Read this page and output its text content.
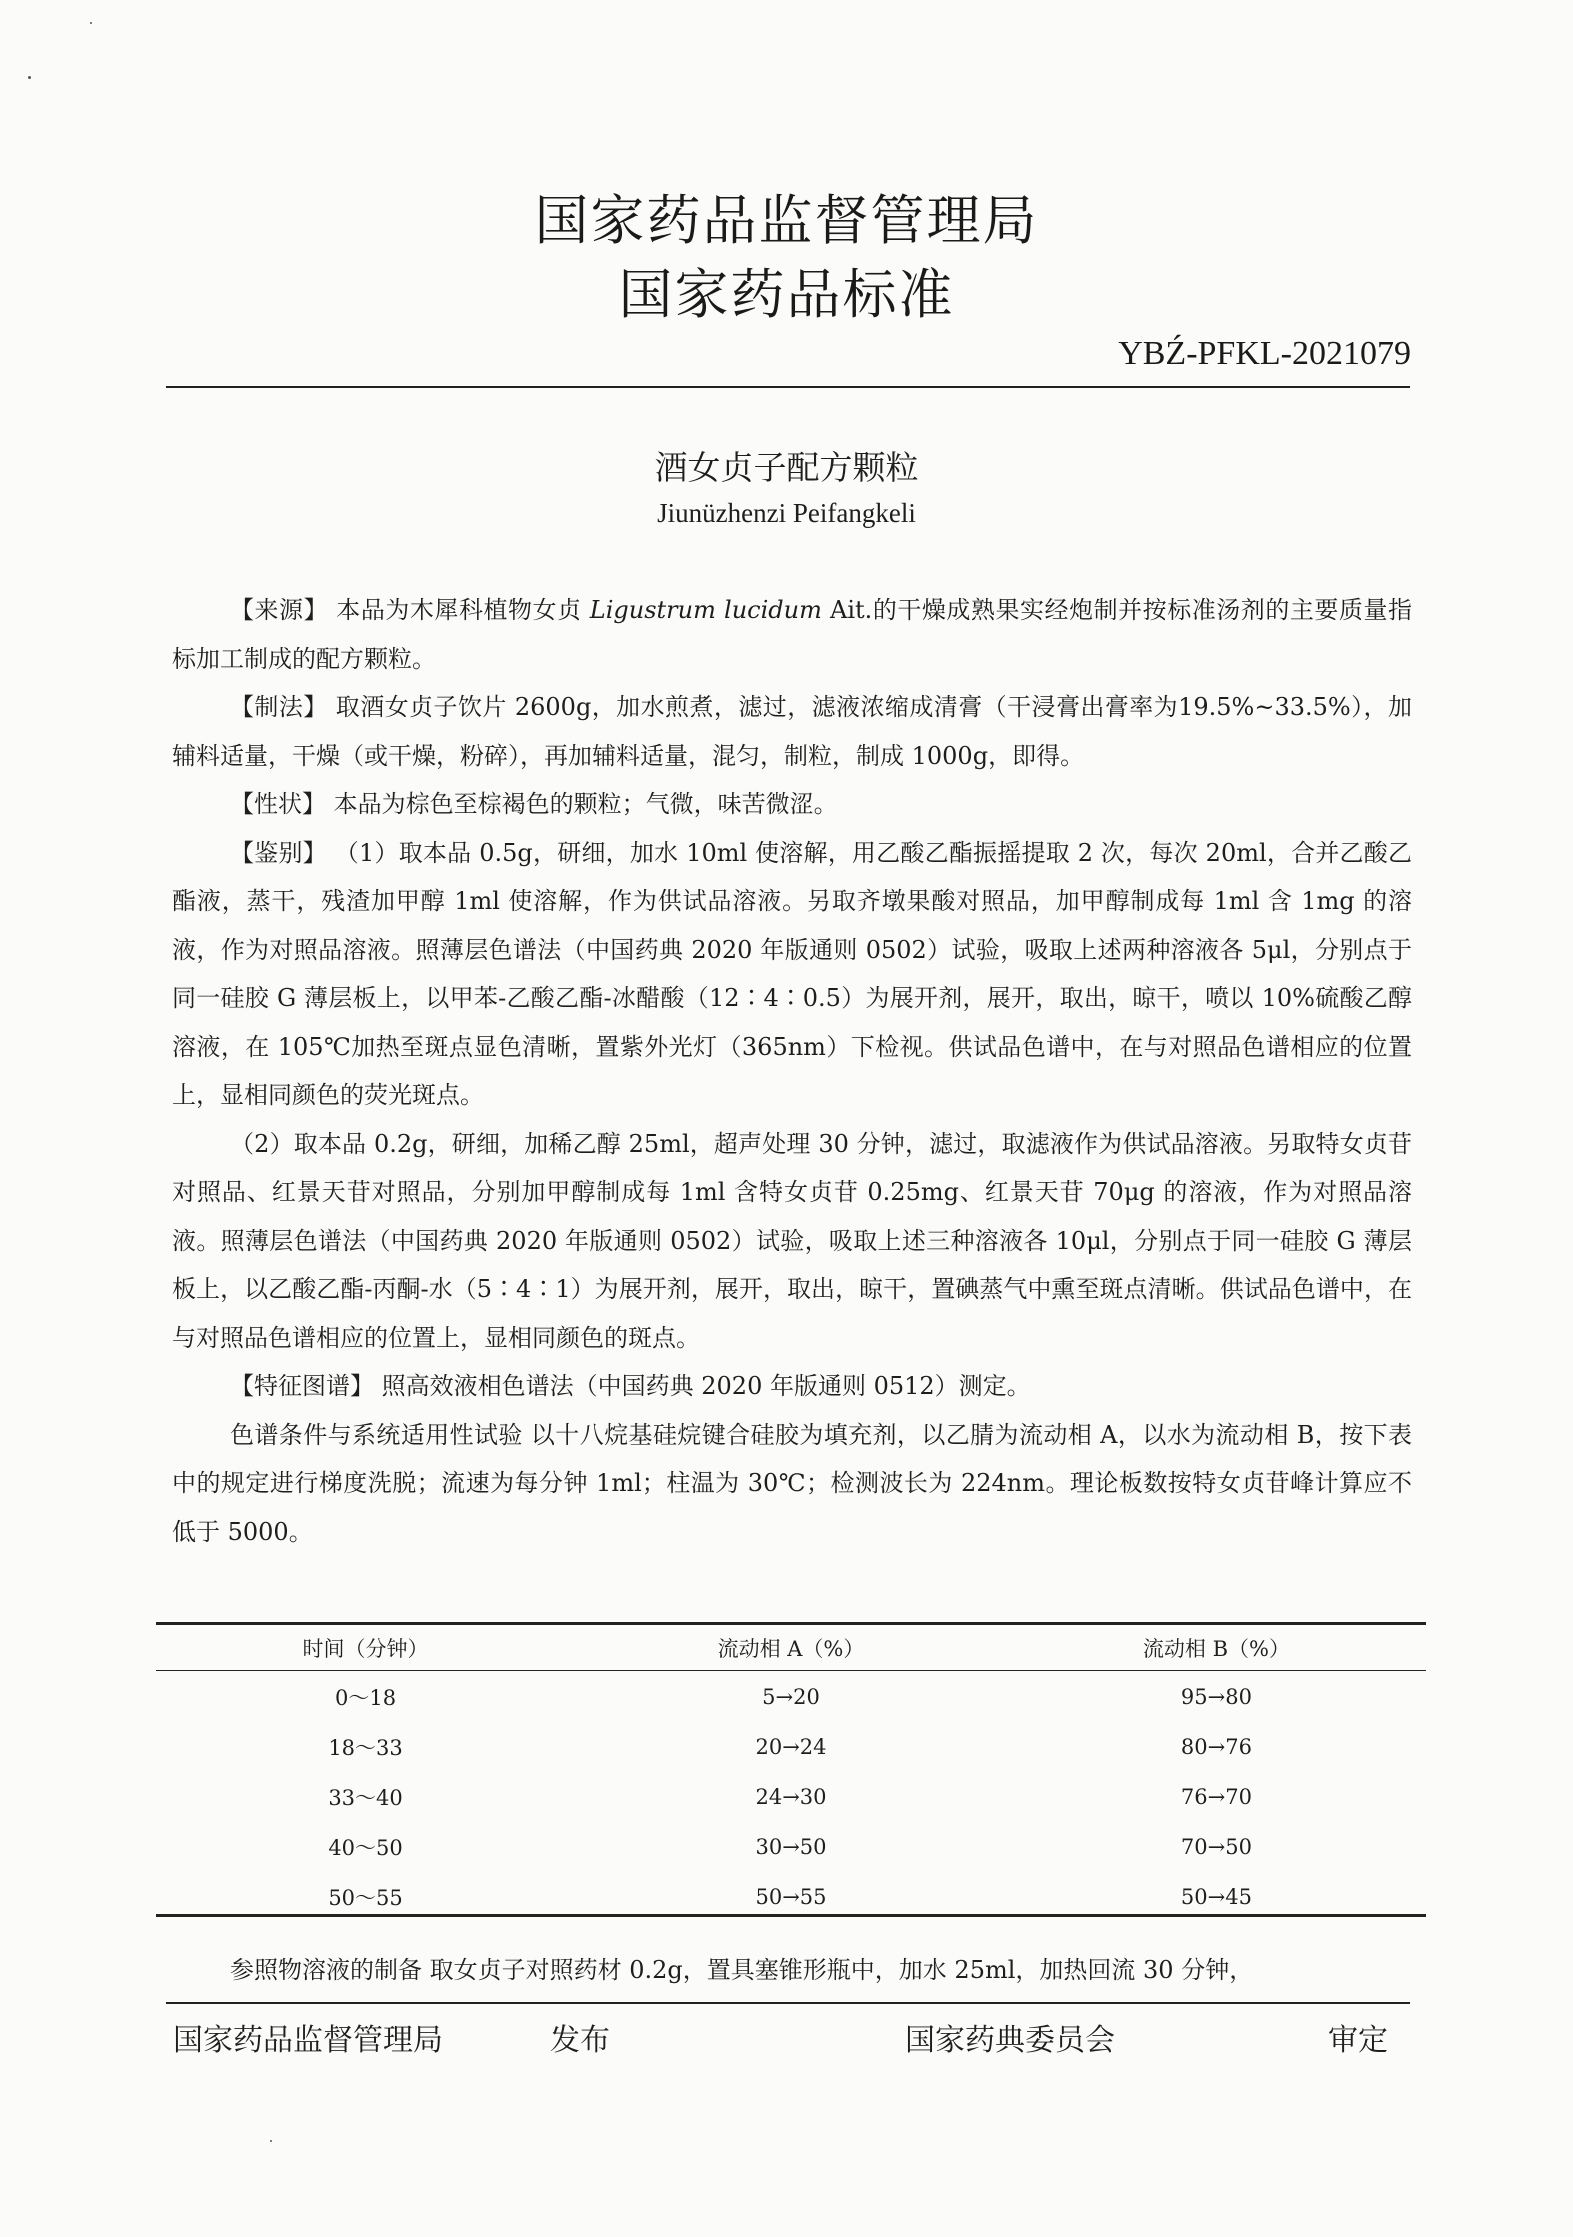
国家药品监督管理局
国家药品标准
YBŹ-PFKL-2021079
酒女贞子配方颗粒
Jiunüzhenzi Peifangkeli

【来源】 本品为木犀科植物女贞 Ligustrum lucidum Ait.的干燥成熟果实经炮制并按标准汤剂的主要质量指标加工制成的配方颗粒。

【制法】 取酒女贞子饮片 2600g，加水煎煮，滤过，滤液浓缩成清膏（干浸膏出膏率为19.5%~33.5%），加辅料适量，干燥（或干燥，粉碎），再加辅料适量，混匀，制粒，制成 1000g，即得。

【性状】 本品为棕色至棕褐色的颗粒；气微，味苦微涩。

【鉴别】 （1）取本品 0.5g，研细，加水 10ml 使溶解，用乙酸乙酯振摇提取 2 次，每次 20ml，合并乙酸乙酯液，蒸干，残渣加甲醇 1ml 使溶解，作为供试品溶液。另取齐墩果酸对照品，加甲醇制成每 1ml 含 1mg 的溶液，作为对照品溶液。照薄层色谱法（中国药典 2020 年版通则 0502）试验，吸取上述两种溶液各 5μl，分别点于同一硅胶 G 薄层板上，以甲苯-乙酸乙酯-冰醋酸（12∶4∶0.5）为展开剂，展开，取出，晾干，喷以 10%硫酸乙醇溶液，在 105℃加热至斑点显色清晰，置紫外光灯（365nm）下检视。供试品色谱中，在与对照品色谱相应的位置上，显相同颜色的荧光斑点。

（2）取本品 0.2g，研细，加稀乙醇 25ml，超声处理 30 分钟，滤过，取滤液作为供试品溶液。另取特女贞苷对照品、红景天苷对照品，分别加甲醇制成每 1ml 含特女贞苷 0.25mg、红景天苷 70μg 的溶液，作为对照品溶液。照薄层色谱法（中国药典 2020 年版通则 0502）试验，吸取上述三种溶液各 10μl，分别点于同一硅胶 G 薄层板上，以乙酸乙酯-丙酮-水（5∶4∶1）为展开剂，展开，取出，晾干，置碘蒸气中熏至斑点清晰。供试品色谱中，在与对照品色谱相应的位置上，显相同颜色的斑点。

【特征图谱】 照高效液相色谱法（中国药典 2020 年版通则 0512）测定。

色谱条件与系统适用性试验 以十八烷基硅烷键合硅胶为填充剂，以乙腈为流动相 A，以水为流动相 B，按下表中的规定进行梯度洗脱；流速为每分钟 1ml；柱温为 30℃；检测波长为 224nm。理论板数按特女贞苷峰计算应不低于 5000。

时间（分钟）	流动相 A（%）	流动相 B（%）
0～18	5→20	95→80
18～33	20→24	80→76
33～40	24→30	76→70
40～50	30→50	70→50
50～55	50→55	50→45
参照物溶液的制备 取女贞子对照药材 0.2g，置具塞锥形瓶中，加水 25ml，加热回流 30 分钟，
国家药品监督管理局	发布	国家药典委员会	审定
